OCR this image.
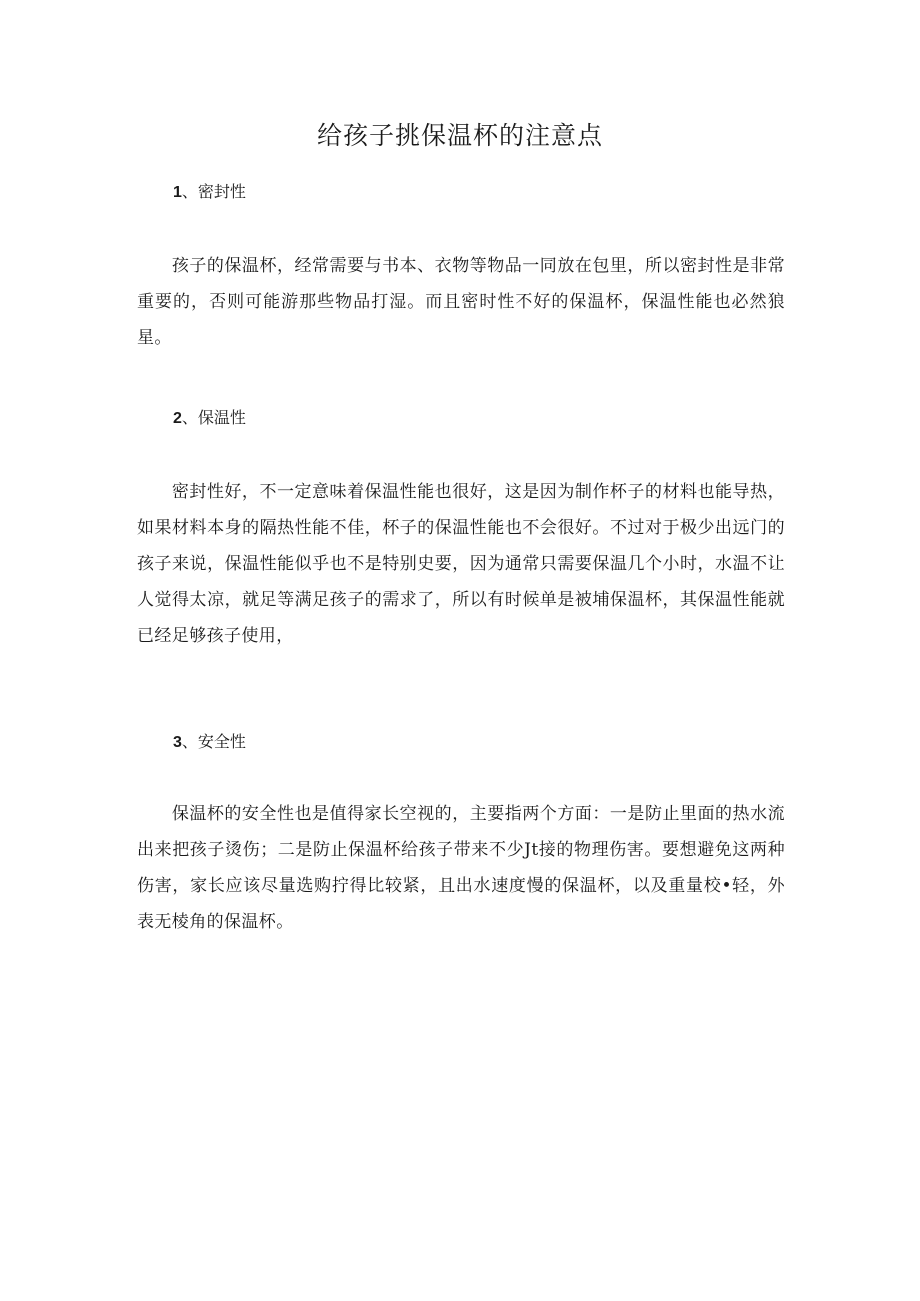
给孩子挑保温杯的注意点
1、密封性

孩子的保温杯，经常需要与书本、衣物等物品一同放在包里，所以密封性是非常重要的，否则可能游那些物品打湿。而且密时性不好的保温杯，保温性能也必然狼星。

2、保温性

密封性好，不一定意味着保温性能也很好，这是因为制作杯子的材料也能导热，如果材料本身的隔热性能不佳，杯子的保温性能也不会很好。不过对于极少出远门的孩子来说，保温性能似乎也不是特别史要，因为通常只需要保温几个小时，水温不让人觉得太凉，就足等满足孩子的需求了，所以有时候单是被埔保温杯，其保温性能就已经足够孩子使用，

3、安全性

保温杯的安全性也是值得家长空视的，主要指两个方面：一是防止里面的热水流出来把孩子烫伤；二是防止保温杯给孩子带来不少Jt接的物理伤害。要想避免这两种伤害，家长应该尽量选购拧得比较紧，且出水速度慢的保温杯，以及重量校•轻，外表无棱角的保温杯。
